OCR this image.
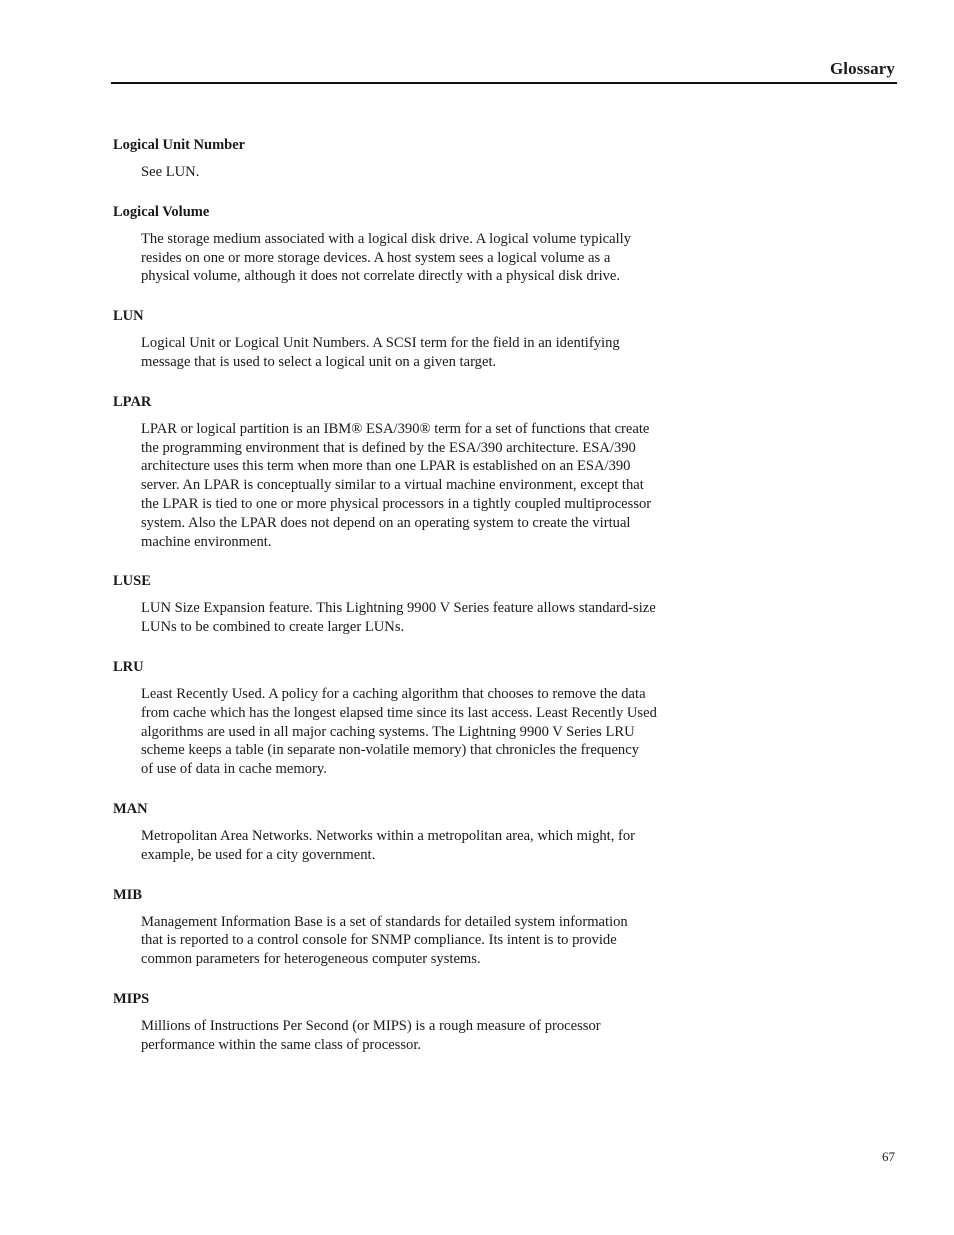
Glossary
Logical Unit Number
See LUN.
Logical Volume
The storage medium associated with a logical disk drive. A logical volume typically
resides on one or more storage devices. A host system sees a logical volume as a
physical volume, although it does not correlate directly with a physical disk drive.
LUN
Logical Unit or Logical Unit Numbers. A SCSI term for the field in an identifying
message that is used to select a logical unit on a given target.
LPAR
LPAR or logical partition is an IBM® ESA/390® term for a set of functions that create
the programming environment that is defined by the ESA/390 architecture. ESA/390
architecture uses this term when more than one LPAR is established on an ESA/390
server. An LPAR is conceptually similar to a virtual machine environment, except that
the LPAR is tied to one or more physical processors in a tightly coupled multiprocessor
system. Also the LPAR does not depend on an operating system to create the virtual
machine environment.
LUSE
LUN Size Expansion feature. This Lightning 9900 V Series feature allows standard-size
LUNs to be combined to create larger LUNs.
LRU
Least Recently Used. A policy for a caching algorithm that chooses to remove the data
from cache which has the longest elapsed time since its last access. Least Recently Used
algorithms are used in all major caching systems. The Lightning 9900 V Series LRU
scheme keeps a table (in separate non-volatile memory) that chronicles the frequency
of use of data in cache memory.
MAN
Metropolitan Area Networks. Networks within a metropolitan area, which might, for
example, be used for a city government.
MIB
Management Information Base is a set of standards for detailed system information
that is reported to a control console for SNMP compliance. Its intent is to provide
common parameters for heterogeneous computer systems.
MIPS
Millions of Instructions Per Second (or MIPS) is a rough measure of processor
performance within the same class of processor.
67
